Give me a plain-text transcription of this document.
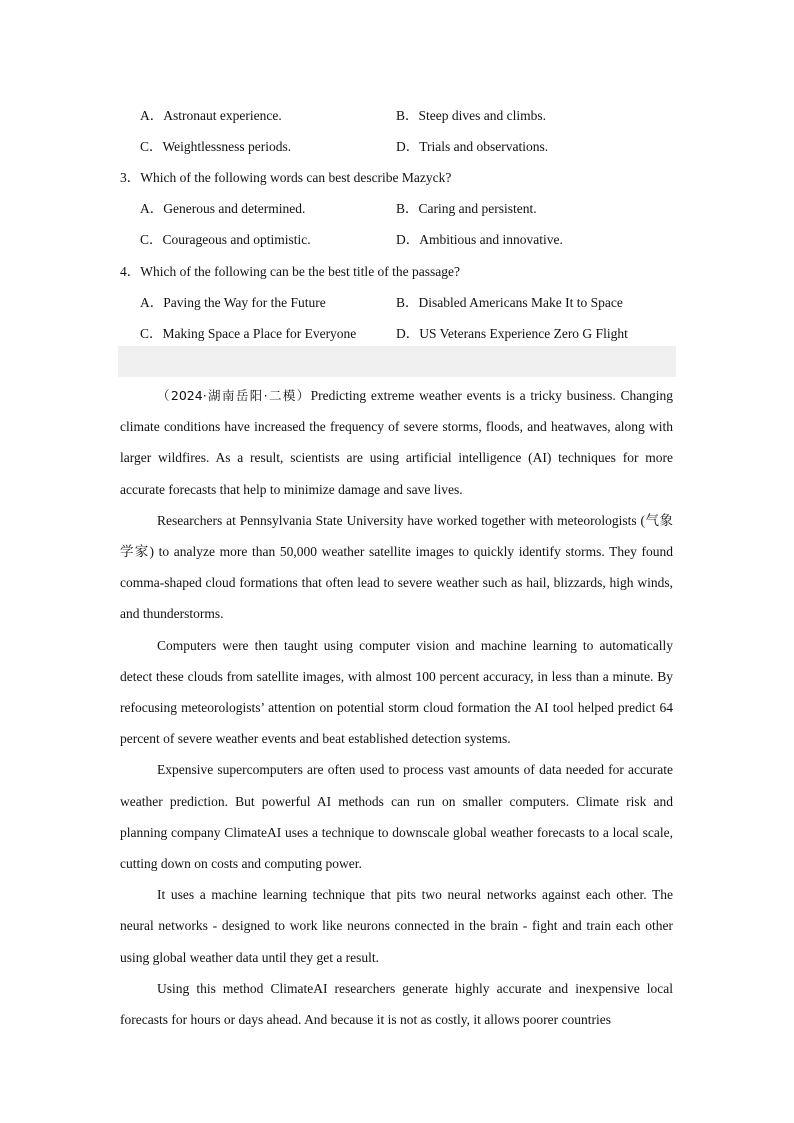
A．Astronaut experience.	B．Steep dives and climbs.
C．Weightlessness periods.	D．Trials and observations.
3．Which of the following words can best describe Mazyck?
A．Generous and determined.	B．Caring and persistent.
C．Courageous and optimistic.	D．Ambitious and innovative.
4．Which of the following can be the best title of the passage?
A．Paving the Way for the Future	B．Disabled Americans Make It to Space
C．Making Space a Place for Everyone	D．US Veterans Experience Zero G Flight

（2024·湖南岳阳·二模）Predicting extreme weather events is a tricky business. Changing climate conditions have increased the frequency of severe storms, floods, and heatwaves, along with larger wildfires. As a result, scientists are using artificial intelligence (AI) techniques for more accurate forecasts that help to minimize damage and save lives.

Researchers at Pennsylvania State University have worked together with meteorologists (气象学家) to analyze more than 50,000 weather satellite images to quickly identify storms. They found comma-shaped cloud formations that often lead to severe weather such as hail, blizzards, high winds, and thunderstorms.

Computers were then taught using computer vision and machine learning to automatically detect these clouds from satellite images, with almost 100 percent accuracy, in less than a minute. By refocusing meteorologists’ attention on potential storm cloud formation the AI tool helped predict 64 percent of severe weather events and beat established detection systems.

Expensive supercomputers are often used to process vast amounts of data needed for accurate weather prediction. But powerful AI methods can run on smaller computers. Climate risk and planning company ClimateAI uses a technique to downscale global weather forecasts to a local scale, cutting down on costs and computing power.

It uses a machine learning technique that pits two neural networks against each other. The neural networks - designed to work like neurons connected in the brain - fight and train each other using global weather data until they get a result.

Using this method ClimateAI researchers generate highly accurate and inexpensive local forecasts for hours or days ahead. And because it is not as costly, it allows poorer countries
